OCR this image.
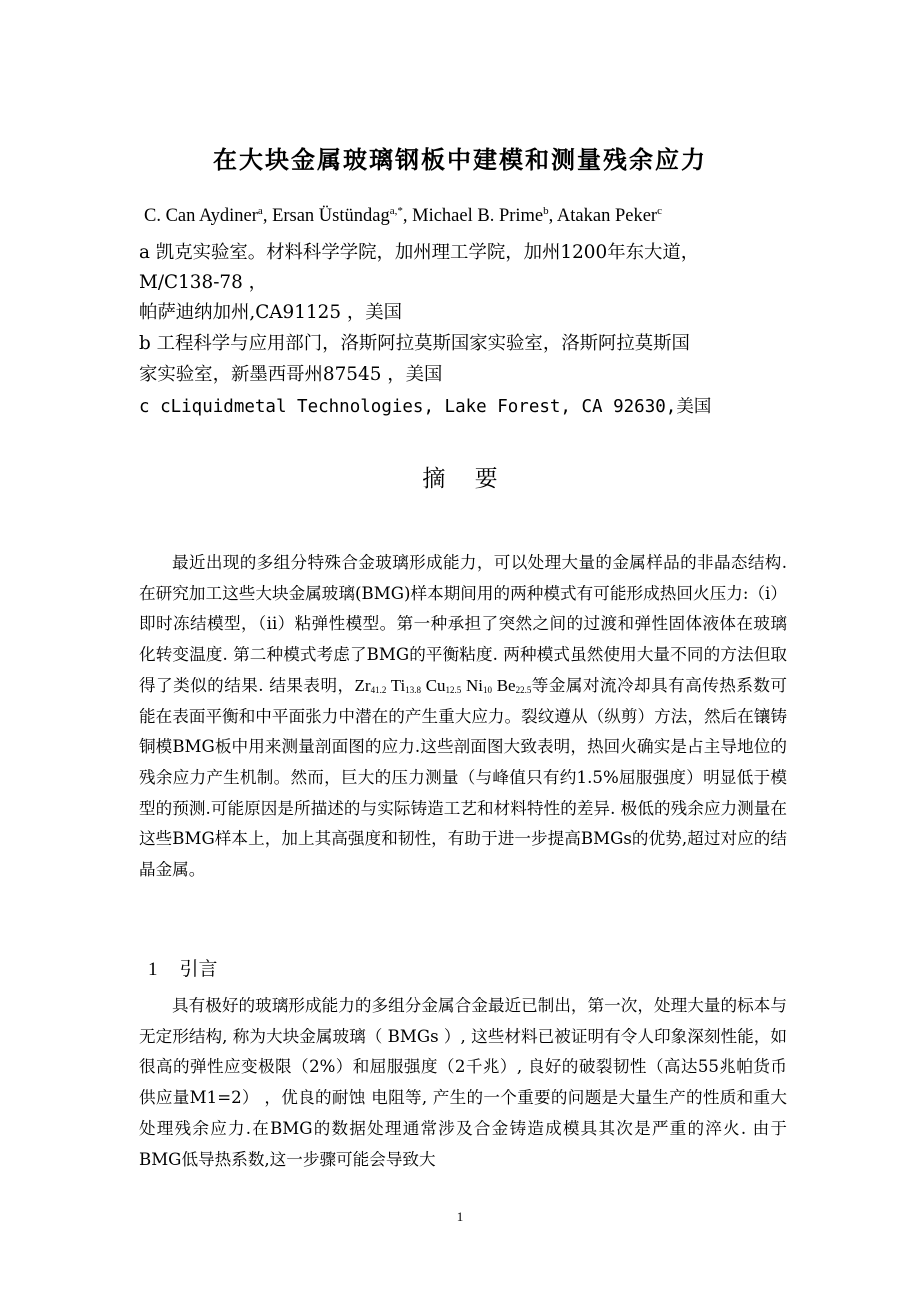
在大块金属玻璃钢板中建模和测量残余应力
C. Can Aydiner$^a$, Ersan Üstündag$^{a,*}$, Michael B. Prime$^b$, Atakan Peker$^c$
a 凯克实验室。材料科学学院，加州理工学院，加州1200年东大道，
M/C138-78 ，
帕萨迪纳加州,CA91125 ，美国
b 工程科学与应用部门，洛斯阿拉莫斯国家实验室，洛斯阿拉莫斯国
家实验室，新墨西哥州87545 ，美国
c cLiquidmetal Technologies, Lake Forest, CA 92630,美国
摘 要
最近出现的多组分特殊合金玻璃形成能力，可以处理大量的金属样品的非晶态结构.在研究加工这些大块金属玻璃(BMG)样本期间用的两种模式有可能形成热回火压力:（i）即时冻结模型，（ii）粘弹性模型。第一种承担了突然之间的过渡和弹性固体液体在玻璃化转变温度. 第二种模式考虑了BMG的平衡粘度. 两种模式虽然使用大量不同的方法但取得了类似的结果. 结果表明，$Zr_{41.2}$ $Ti_{13.8}$ $Cu_{12.5}$ $Ni_{10}$ $Be_{22.5}$等金属对流冷却具有高传热系数可能在表面平衡和中平面张力中潜在的产生重大应力。裂纹遵从（纵剪）方法，然后在镶铸铜模BMG板中用来测量剖面图的应力.这些剖面图大致表明，热回火确实是占主导地位的残余应力产生机制。然而，巨大的压力测量（与峰值只有约1.5%屈服强度）明显低于模型的预测.可能原因是所描述的与实际铸造工艺和材料特性的差异. 极低的残余应力测量在这些BMG样本上，加上其高强度和韧性，有助于进一步提高BMGs的优势,超过对应的结晶金属。
1 引言
具有极好的玻璃形成能力的多组分金属合金最近已制出，第一次，处理大量的标本与无定形结构, 称为大块金属玻璃（ BMGs ）, 这些材料已被证明有令人印象深刻性能，如很高的弹性应变极限（2%）和屈服强度（2千兆）, 良好的破裂韧性（高达55兆帕货币供应量M1=2） ，优良的耐蚀 电阻等, 产生的一个重要的问题是大量生产的性质和重大处理残余应力.在BMG的数据处理通常涉及合金铸造成模具其次是严重的淬火. 由于 BMG低导热系数,这一步骤可能会导致大
1
